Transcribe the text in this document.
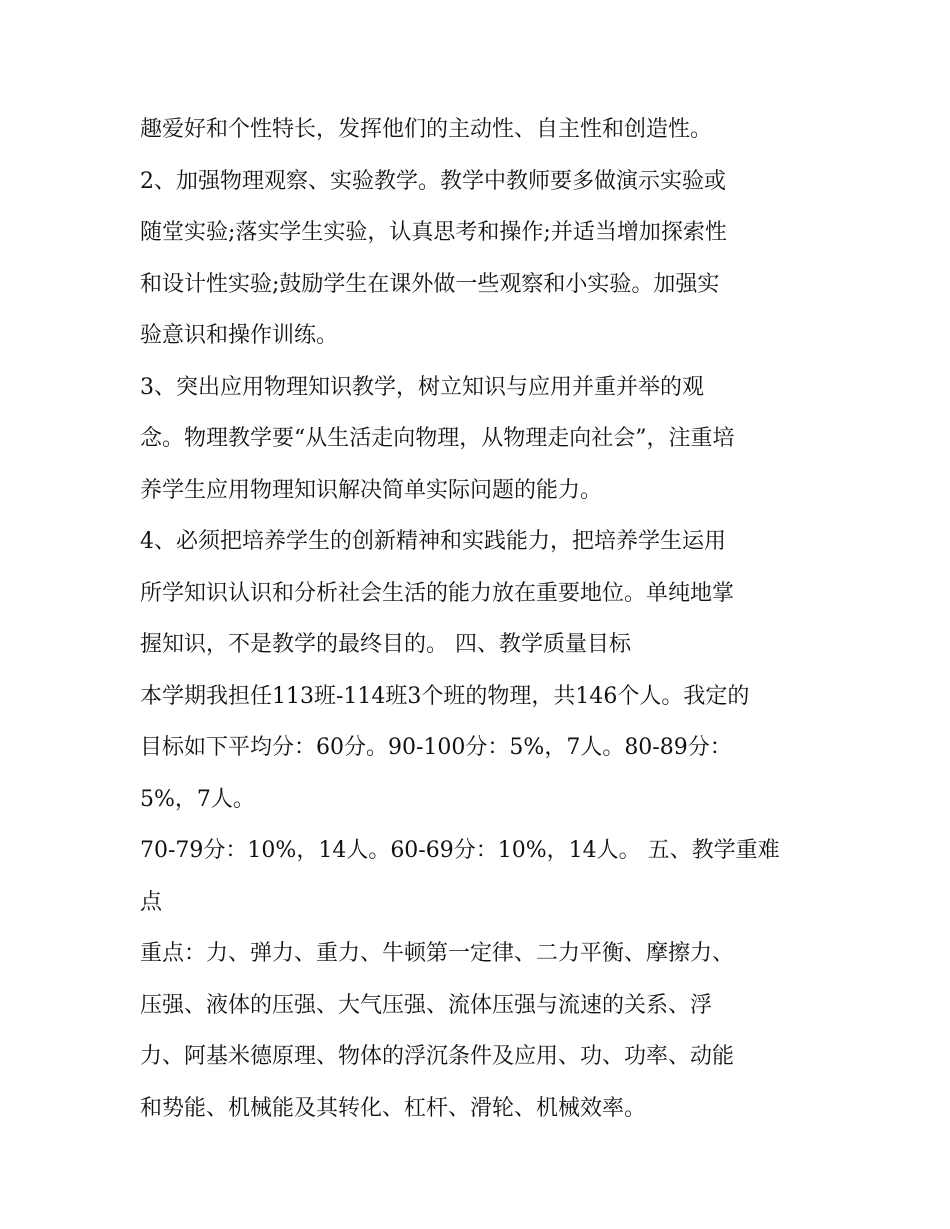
趣爱好和个性特长，发挥他们的主动性、自主性和创造性。
2、加强物理观察、实验教学。教学中教师要多做演示实验或
随堂实验;落实学生实验，认真思考和操作;并适当增加探索性
和设计性实验;鼓励学生在课外做一些观察和小实验。加强实
验意识和操作训练。
3、突出应用物理知识教学，树立知识与应用并重并举的观
念。物理教学要“从生活走向物理，从物理走向社会”，注重培
养学生应用物理知识解决简单实际问题的能力。
4、必须把培养学生的创新精神和实践能力，把培养学生运用
所学知识认识和分析社会生活的能力放在重要地位。单纯地掌
握知识，不是教学的最终目的。 四、教学质量目标
本学期我担任113班-114班3个班的物理，共146个人。我定的
目标如下平均分：60分。90-100分：5%，7人。80-89分：
5%，7人。
70-79分：10%，14人。60-69分：10%，14人。 五、教学重难
点
重点：力、弹力、重力、牛顿第一定律、二力平衡、摩擦力、
压强、液体的压强、大气压强、流体压强与流速的关系、浮
力、阿基米德原理、物体的浮沉条件及应用、功、功率、动能
和势能、机械能及其转化、杠杆、滑轮、机械效率。
